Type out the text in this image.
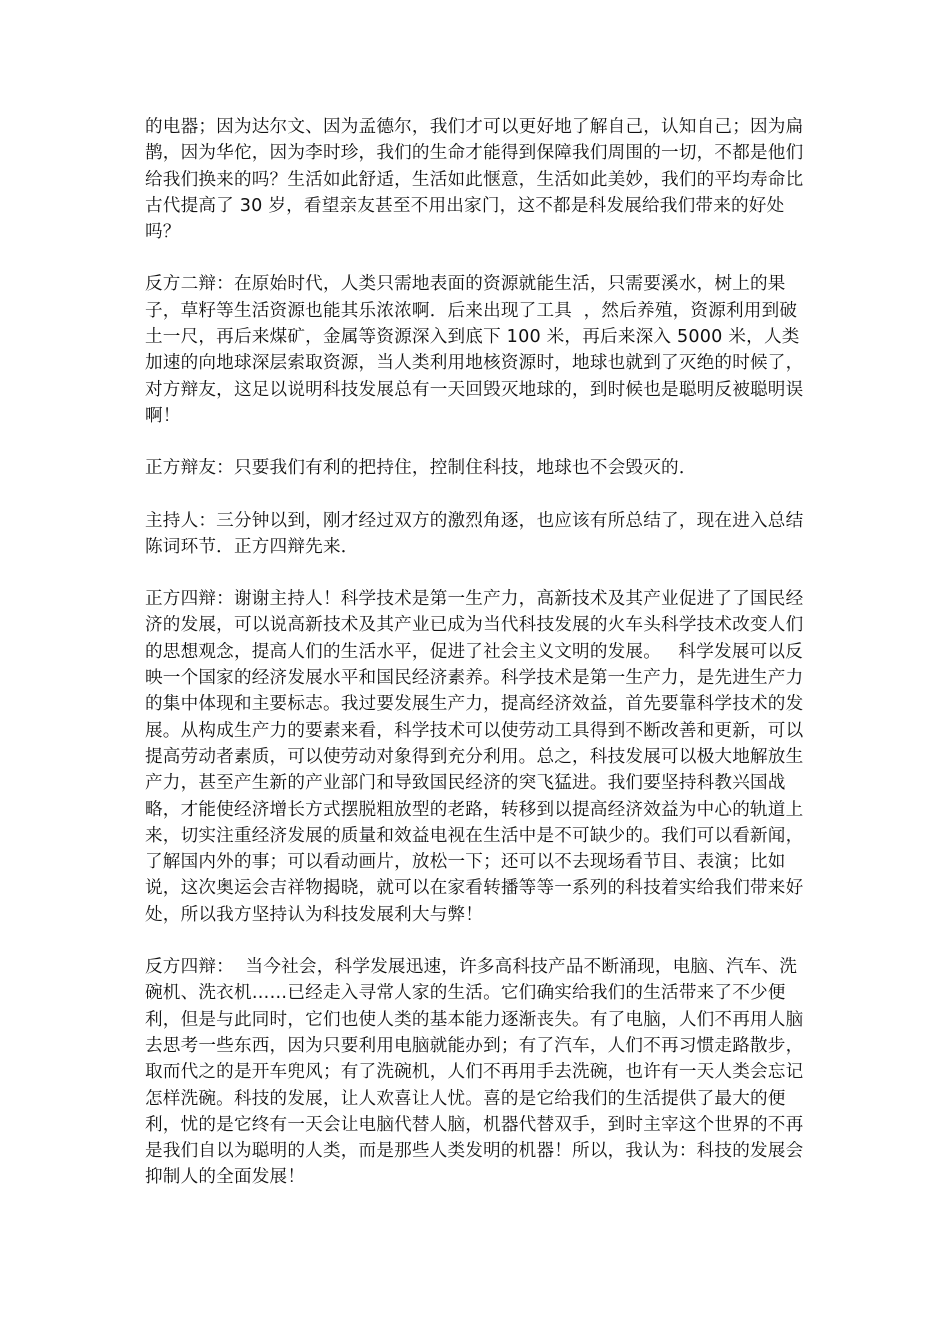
的电器；因为达尔文、因为孟德尔，我们才可以更好地了解自己，认知自己；因为扁鹊，因为华佗，因为李时珍，我们的生命才能得到保障我们周围的一切，不都是他们给我们换来的吗？生活如此舒适，生活如此惬意，生活如此美妙，我们的平均寿命比古代提高了 30 岁，看望亲友甚至不用出家门，这不都是科发展给我们带来的好处吗？

反方二辩：在原始时代，人类只需地表面的资源就能生活，只需要溪水，树上的果子，草籽等生活资源也能其乐浓浓啊．后来出现了工具  ，然后养殖，资源利用到破土一尺，再后来煤矿，金属等资源深入到底下 100 米，再后来深入 5000 米，人类加速的向地球深层索取资源，当人类利用地核资源时，地球也就到了灭绝的时候了，对方辩友，这足以说明科技发展总有一天回毁灭地球的，到时候也是聪明反被聪明误啊！

正方辩友：只要我们有利的把持住，控制住科技，地球也不会毁灭的．

主持人：三分钟以到，刚才经过双方的激烈角逐，也应该有所总结了，现在进入总结陈词环节．正方四辩先来．

正方四辩：谢谢主持人！科学技术是第一生产力，高新技术及其产业促进了了国民经济的发展，可以说高新技术及其产业已成为当代科技发展的火车头科学技术改变人们的思想观念，提高人们的生活水平，促进了社会主义文明的发展。   科学发展可以反映一个国家的经济发展水平和国民经济素养。科学技术是第一生产力，是先进生产力的集中体现和主要标志。我过要发展生产力，提高经济效益，首先要靠科学技术的发展。从构成生产力的要素来看，科学技术可以使劳动工具得到不断改善和更新，可以提高劳动者素质，可以使劳动对象得到充分利用。总之，科技发展可以极大地解放生产力，甚至产生新的产业部门和导致国民经济的突飞猛进。我们要坚持科教兴国战略，才能使经济增长方式摆脱粗放型的老路，转移到以提高经济效益为中心的轨道上来，切实注重经济发展的质量和效益电视在生活中是不可缺少的。我们可以看新闻，了解国内外的事；可以看动画片，放松一下；还可以不去现场看节目、表演；比如说，这次奥运会吉祥物揭晓，就可以在家看转播等等一系列的科技着实给我们带来好处，所以我方坚持认为科技发展利大与弊！

反方四辩：  当今社会，科学发展迅速，许多高科技产品不断涌现，电脑、汽车、洗碗机、洗衣机……已经走入寻常人家的生活。它们确实给我们的生活带来了不少便利，但是与此同时，它们也使人类的基本能力逐渐丧失。有了电脑，人们不再用人脑去思考一些东西，因为只要利用电脑就能办到；有了汽车，人们不再习惯走路散步，取而代之的是开车兜风；有了洗碗机，人们不再用手去洗碗，也许有一天人类会忘记怎样洗碗。科技的发展，让人欢喜让人忧。喜的是它给我们的生活提供了最大的便利，忧的是它终有一天会让电脑代替人脑，机器代替双手，到时主宰这个世界的不再是我们自以为聪明的人类，而是那些人类发明的机器！所以，我认为：科技的发展会抑制人的全面发展！
